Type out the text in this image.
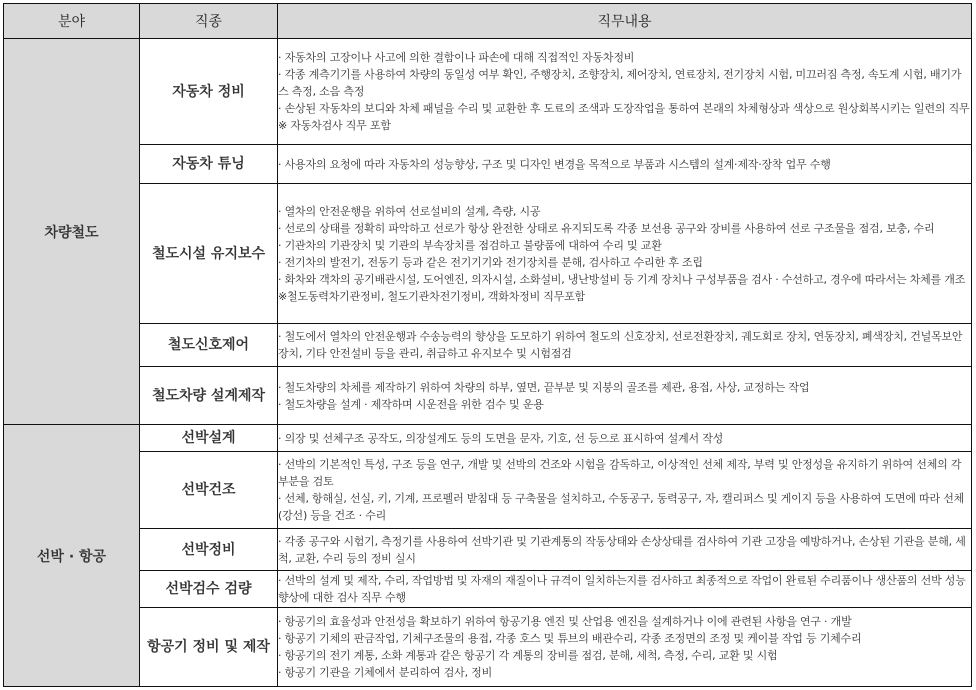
분야	직종	직무내용
차량철도	자동차 정비	· 자동차의 고장이나 사고에 의한 결함이나 파손에 대해 직접적인 자동차정비
· 각종 계측기기를 사용하여 차량의 동일성 여부 확인, 주행장치, 조향장치, 제어장치, 연료장치, 전기장치 시험, 미끄러짐 측정, 속도계 시험, 배기가스 측정, 소음 측정
· 손상된 자동차의 보디와 차체 패널을 수리 및 교환한 후 도료의 조색과 도장작업을 통하여 본래의 차체형상과 색상으로 원상회복시키는 일련의 직무
※ 자동차검사 직무 포함

	자동차 튜닝	· 사용자의 요청에 따라 자동차의 성능향상, 구조 및 디자인 변경을 목적으로 부품과 시스템의 설계·제작·장착 업무 수행

철도시설 유지보수	
· 열차의 안전운행을 위하여 선로설비의 설계, 측량, 시공
· 선로의 상태를 정확히 파악하고 선로가 항상 완전한 상태로 유지되도록 각종 보선용 공구와 장비를 사용하여 선로 구조물을 점검, 보충, 수리
· 기관차의 기관장치 및 기관의 부속장치를 점검하고 불량품에 대하여 수리 및 교환
· 전기차의 발전기, 전동기 등과 같은 전기기기와 전기장치를 분해, 검사하고 수리한 후 조립
· 화차와 객차의 공기배관시설, 도어엔진, 의자시설, 소화설비, 냉난방설비 등 기계 장치나 구성부품을 검사 · 수선하고, 경우에 따라서는 차체를 개조
※철도동력차기관정비, 철도기관차전기정비, 객화차정비 직무포함

	철도신호제어	· 철도에서 열차의 안전운행과 수송능력의 향상을 도모하기 위하여 철도의 신호장치, 선로전환장치, 궤도회로 장치, 연동장치, 폐색장치, 건널목보안장치, 기타 안전설비 등을 관리, 취급하고 유지보수 및 시험점검

	철도차량 설계제작	· 철도차량의 차체를 제작하기 위하여 차량의 하부, 옆면, 끝부분 및 지붕의 골조를 제관, 용접, 사상, 교정하는 작업
· 철도차량을 설계 · 제작하며 시운전을 위한 검수 및 운용

선박 · 항공	선박설계	· 의장 및 선체구조 공작도, 의장설계도 등의 도면을 문자, 기호, 선 등으로 표시하여 설계서 작성

	선박건조	· 선박의 기본적인 특성, 구조 등을 연구, 개발 및 선박의 건조와 시험을 감독하고, 이상적인 선체 제작, 부력 및 안정성을 유지하기 위하여 선체의 각 부분을 검토
· 선체, 항해실, 선실, 키, 기계, 프로펠러 받침대 등 구축물을 설치하고, 수동공구, 동력공구, 자, 캘리퍼스 및 게이지 등을 사용하여 도면에 따라 선체(강선) 등을 건조 · 수리

	선박정비	· 각종 공구와 시험기, 측정기를 사용하여 선박기관 및 기관계통의 작동상태와 손상상태를 검사하여 기관 고장을 예방하거나, 손상된 기관을 분해, 세척, 교환, 수리 등의 정비 실시

	선박검수 검량	· 선박의 설계 및 제작, 수리, 작업방법 및 자재의 재질이나 규격이 일치하는지를 검사하고 최종적으로 작업이 완료된 수리품이나 생산품의 선박 성능향상에 대한 검사 직무 수행

	항공기 정비 및 제작	· 항공기의 효율성과 안전성을 확보하기 위하여 항공기용 엔진 및 산업용 엔진을 설계하거나 이에 관련된 사항을 연구 · 개발
· 항공기 기체의 판금작업, 기체구조물의 용접, 각종 호스 및 튜브의 배관수리, 각종 조정면의 조정 및 케이블 작업 등 기체수리
· 항공기의 전기 계통, 소화 계통과 같은 항공기 각 계통의 장비를 점검, 분해, 세척, 측정, 수리, 교환 및 시험
· 항공기 기관을 기체에서 분리하여 검사, 정비
